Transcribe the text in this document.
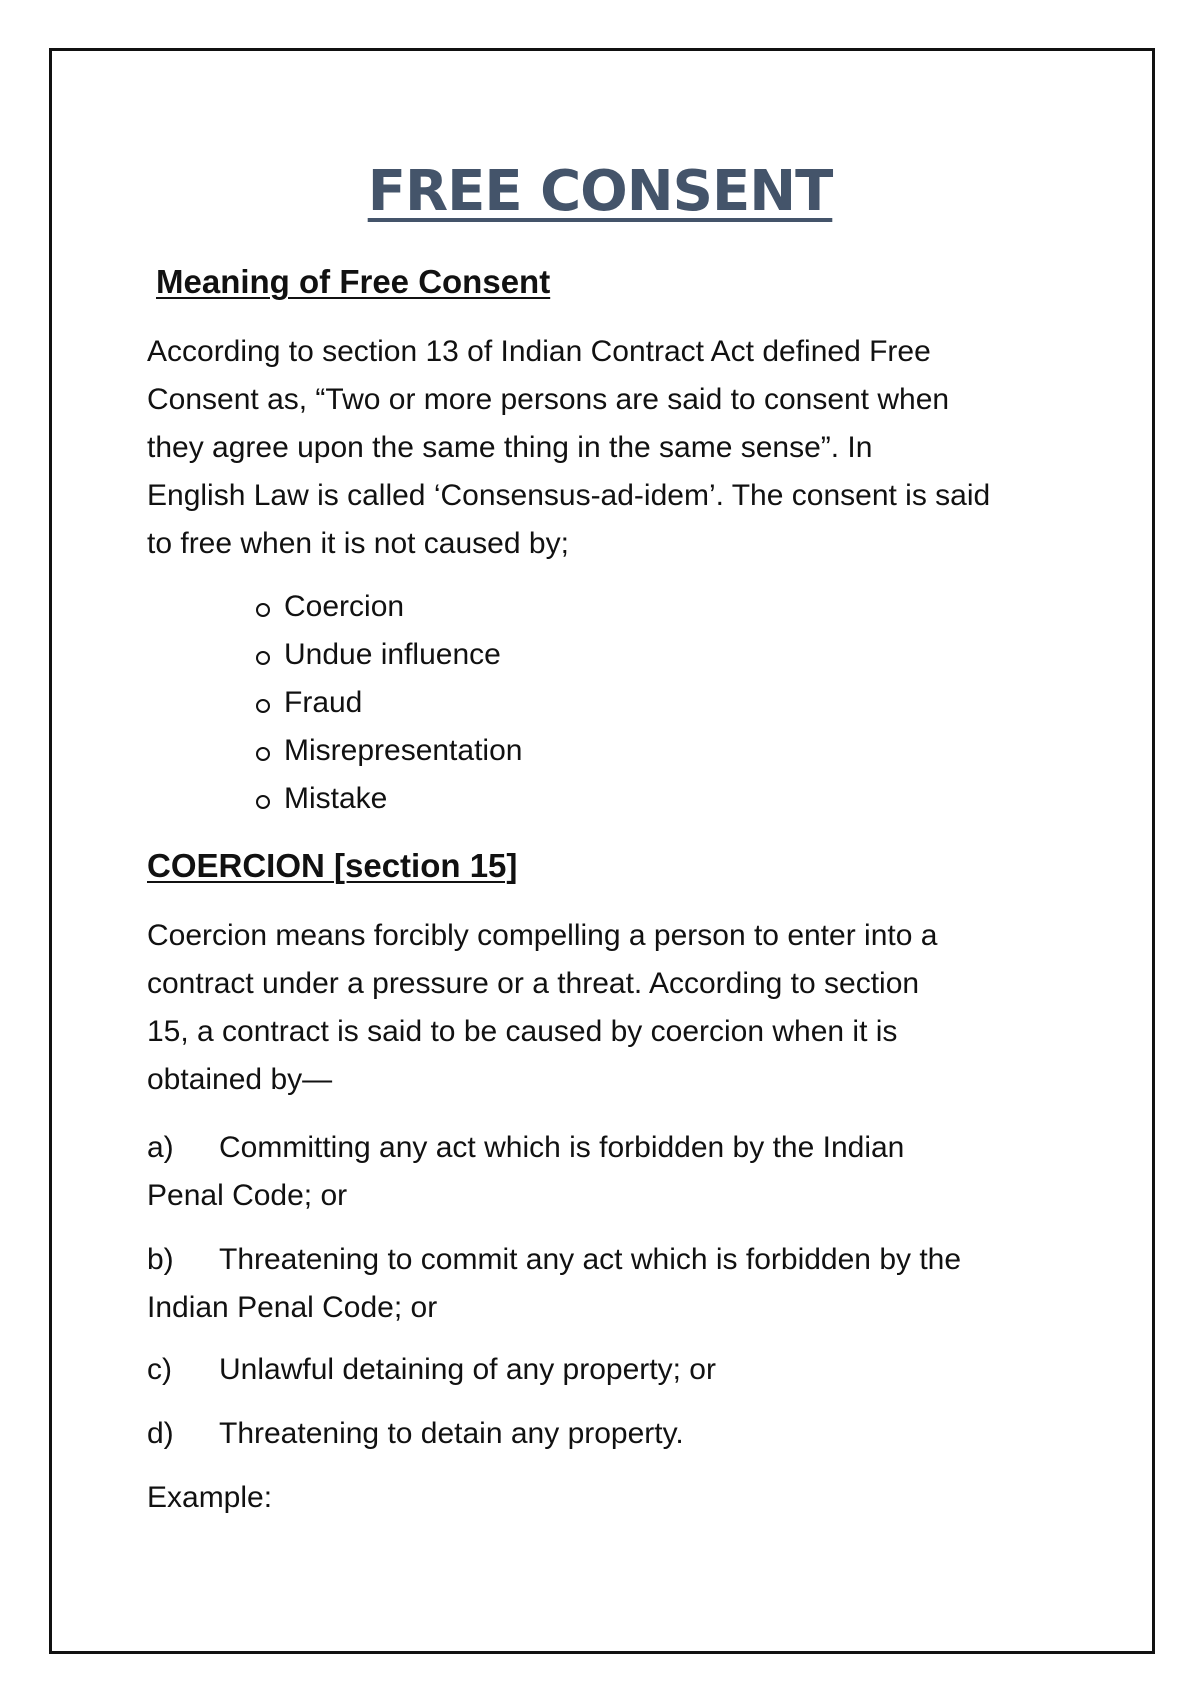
FREE CONSENT
Meaning of Free Consent
According to section 13 of Indian Contract Act defined Free
Consent as, “Two or more persons are said to consent when
they agree upon the same thing in the same sense”. In
English Law is called ‘Consensus-ad-idem’. The consent is said
to free when it is not caused by;
Coercion
Undue influence
Fraud
Misrepresentation
Mistake
COERCION [section 15]
Coercion means forcibly compelling a person to enter into a
contract under a pressure or a threat. According to section
15, a contract is said to be caused by coercion when it is
obtained by—
a) Committing any act which is forbidden by the Indian
Penal Code; or
b) Threatening to commit any act which is forbidden by the
Indian Penal Code; or
c) Unlawful detaining of any property; or
d) Threatening to detain any property.
Example:
